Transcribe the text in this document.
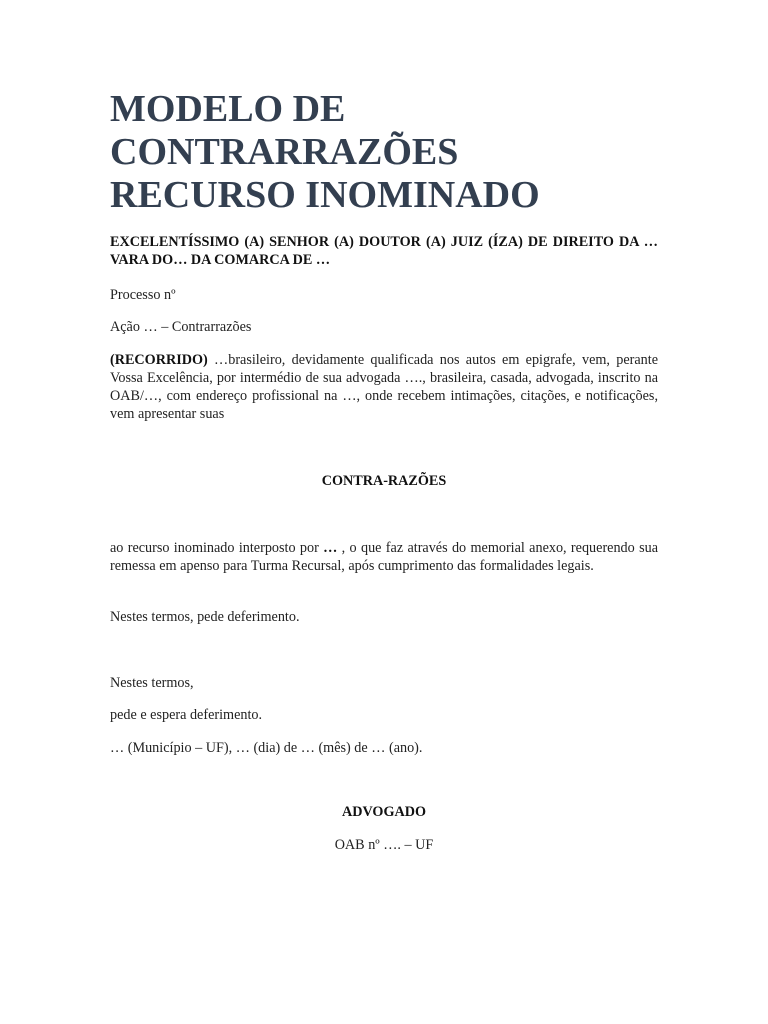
MODELO DE
CONTRARRAZÕES
RECURSO INOMINADO

EXCELENTÍSSIMO (A) SENHOR (A) DOUTOR (A) JUIZ (ÍZA) DE DIREITO DA … VARA DO… DA COMARCA DE …

Processo nº

Ação … – Contrarrazões

(RECORRIDO) …brasileiro, devidamente qualificada nos autos em epigrafe, vem, perante Vossa Excelência, por intermédio de sua advogada …., brasileira, casada, advogada, inscrito na OAB/…, com endereço profissional na …, onde recebem intimações, citações, e notificações, vem apresentar suas

CONTRA-RAZÕES

ao recurso inominado interposto por … , o que faz através do memorial anexo, requerendo sua remessa em apenso para Turma Recursal, após cumprimento das formalidades legais.

Nestes termos, pede deferimento.

Nestes termos,

pede e espera deferimento.

… (Município – UF), … (dia) de … (mês) de … (ano).

ADVOGADO

OAB nº …. – UF
